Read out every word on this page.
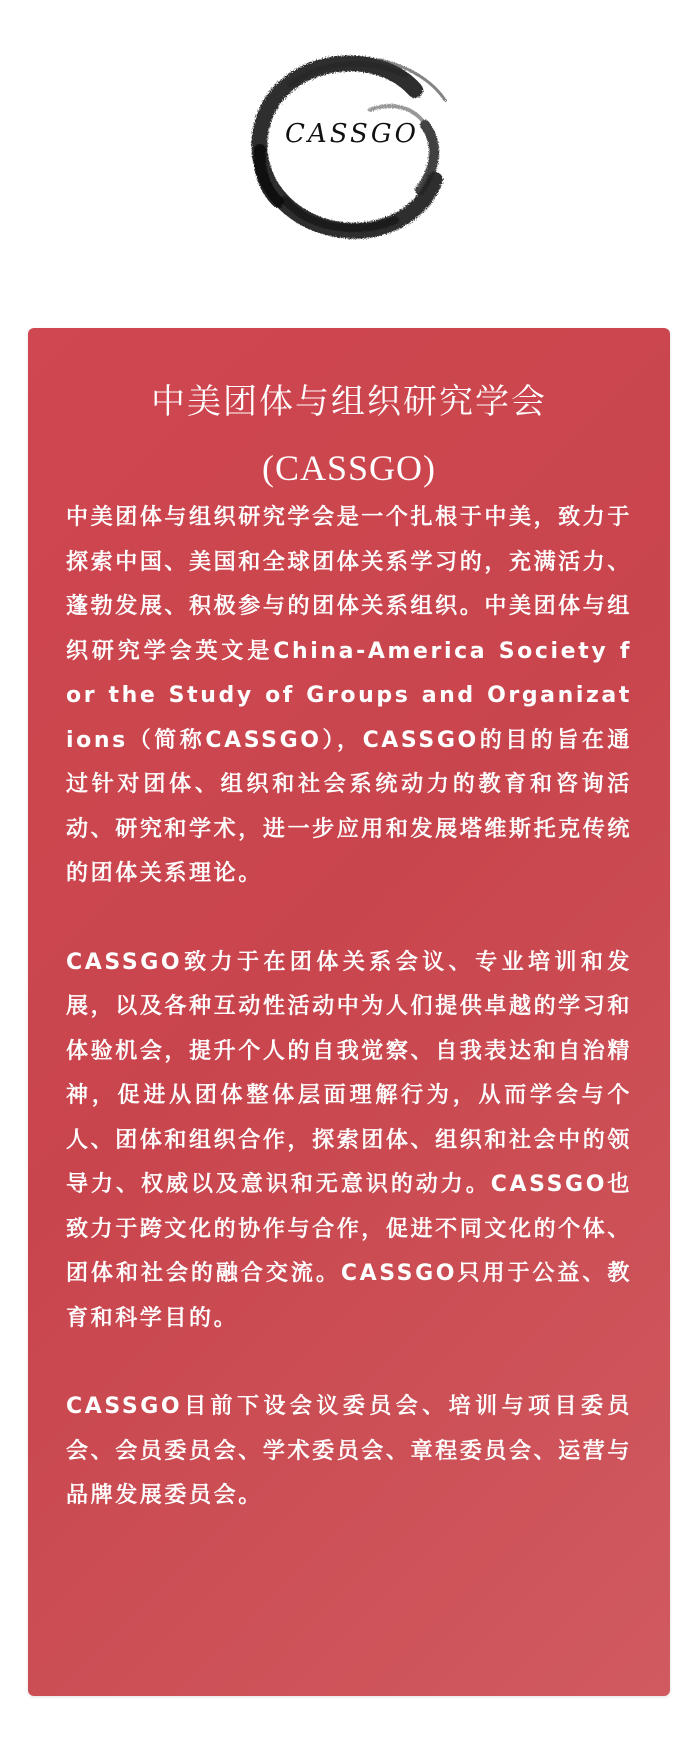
CASSGO
中美团体与组织研究学会
(CASSGO)

中美团体与组织研究学会是一个扎根于中美，致力于探索中国、美国和全球团体关系学习的，充满活力、蓬勃发展、积极参与的团体关系组织。中美团体与组织研究学会英文是China-America Society for the Study of Groups and Organizations（简称CASSGO），CASSGO的目的旨在通过针对团体、组织和社会系统动力的教育和咨询活动、研究和学术，进一步应用和发展塔维斯托克传统的团体关系理论。

CASSGO致力于在团体关系会议、专业培训和发展，以及各种互动性活动中为人们提供卓越的学习和体验机会，提升个人的自我觉察、自我表达和自治精神，促进从团体整体层面理解行为，从而学会与个人、团体和组织合作，探索团体、组织和社会中的领导力、权威以及意识和无意识的动力。CASSGO也致力于跨文化的协作与合作，促进不同文化的个体、团体和社会的融合交流。CASSGO只用于公益、教育和科学目的。

CASSGO目前下设会议委员会、培训与项目委员会、会员委员会、学术委员会、章程委员会、运营与品牌发展委员会。
